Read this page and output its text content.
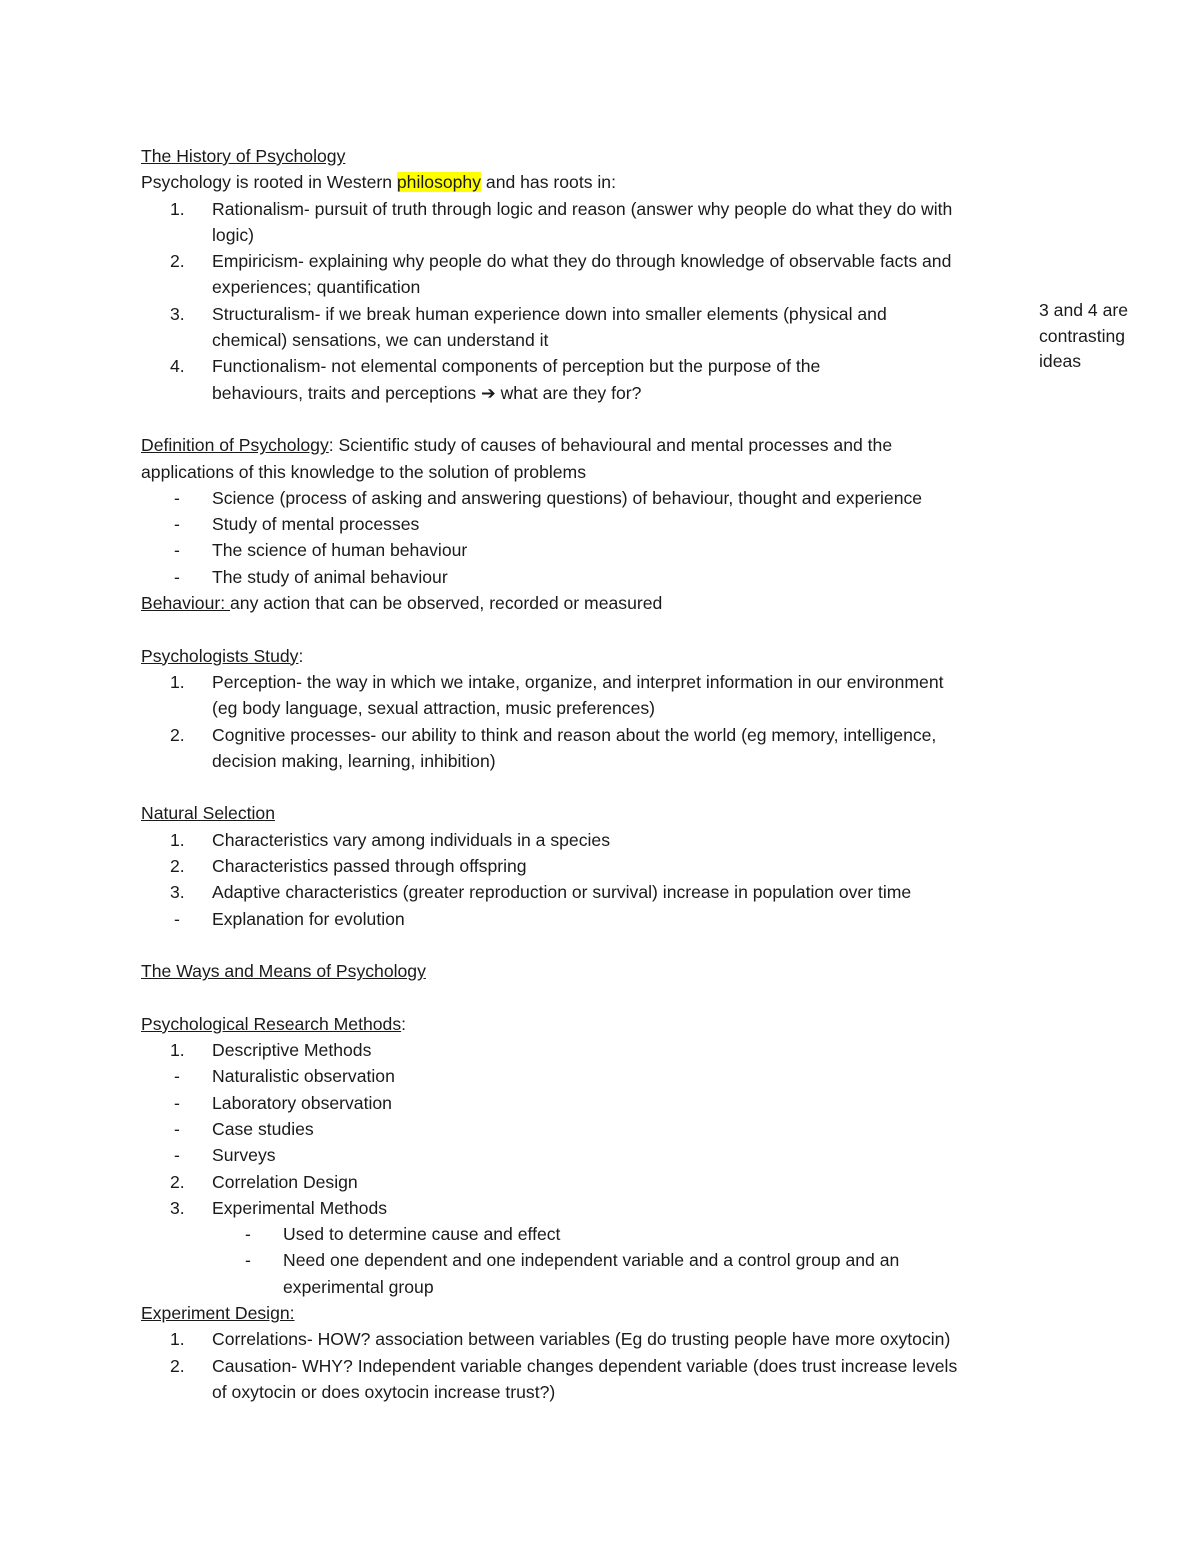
The History of Psychology
Psychology is rooted in Western philosophy and has roots in:
1.	Rationalism- pursuit of truth through logic and reason (answer why people do what they do with
logic)
2.	Empiricism- explaining why people do what they do through knowledge of observable facts and
experiences; quantification
3.	Structuralism- if we break human experience down into smaller elements (physical and
chemical) sensations, we can understand it
4.	Functionalism- not elemental components of perception but the purpose of the
behaviours, traits and perceptions ➔ what are they for?
Definition of Psychology: Scientific study of causes of behavioural and mental processes and the
applications of this knowledge to the solution of problems
-	Science (process of asking and answering questions) of behaviour, thought and experience
-	Study of mental processes
-	The science of human behaviour
-	The study of animal behaviour
Behaviour: any action that can be observed, recorded or measured
Psychologists Study:
1.	Perception- the way in which we intake, organize, and interpret information in our environment
(eg body language, sexual attraction, music preferences)
2.	Cognitive processes- our ability to think and reason about the world (eg memory, intelligence,
decision making, learning, inhibition)
Natural Selection
1.	Characteristics vary among individuals in a species
2.	Characteristics passed through offspring
3.	Adaptive characteristics (greater reproduction or survival) increase in population over time
-	Explanation for evolution
The Ways and Means of Psychology
Psychological Research Methods:
1.	Descriptive Methods
-	Naturalistic observation
-	Laboratory observation
-	Case studies
-	Surveys
2.	Correlation Design
3.	Experimental Methods
-	Used to determine cause and effect
-	Need one dependent and one independent variable and a control group and an
experimental group
Experiment Design:
1.	Correlations- HOW? association between variables (Eg do trusting people have more oxytocin)
2.	Causation- WHY? Independent variable changes dependent variable (does trust increase levels
of oxytocin or does oxytocin increase trust?)
3 and 4 are
contrasting
ideas
